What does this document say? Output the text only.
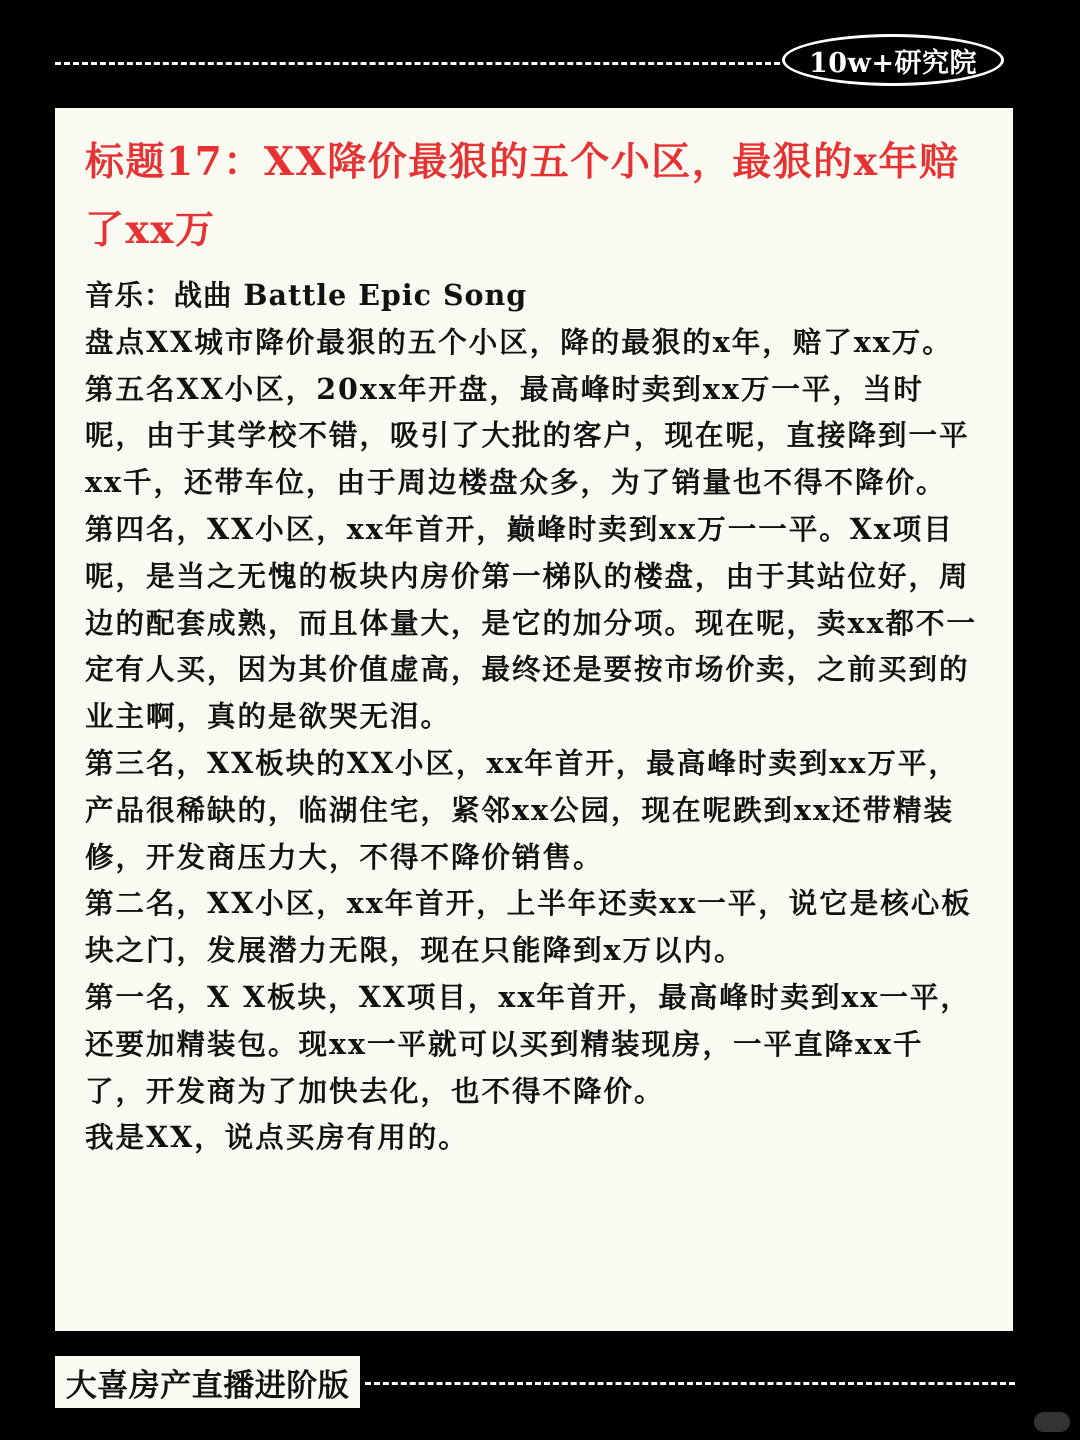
10w+研究院
标题17：XX降价最狠的五个小区，最狠的x年赔了xx万

音乐：战曲 Battle Epic Song

盘点XX城市降价最狠的五个小区，降的最狠的x年，赔了xx万。

第五名XX小区，20xx年开盘，最高峰时卖到xx万一平，当时呢，由于其学校不错，吸引了大批的客户，现在呢，直接降到一平xx千，还带车位，由于周边楼盘众多，为了销量也不得不降价。

第四名，XX小区，xx年首开，巅峰时卖到xx万一一平。Xx项目呢，是当之无愧的板块内房价第一梯队的楼盘，由于其站位好，周边的配套成熟，而且体量大，是它的加分项。现在呢，卖xx都不一定有人买，因为其价值虚高，最终还是要按市场价卖，之前买到的业主啊，真的是欲哭无泪。

第三名，XX板块的XX小区，xx年首开，最高峰时卖到xx万平，产品很稀缺的，临湖住宅，紧邻xx公园，现在呢跌到xx还带精装修，开发商压力大，不得不降价销售。

第二名，XX小区，xx年首开，上半年还卖xx一平，说它是核心板块之门，发展潜力无限，现在只能降到x万以内。

第一名，X X板块，XX项目，xx年首开，最高峰时卖到xx一平，还要加精装包。现xx一平就可以买到精装现房，一平直降xx千了，开发商为了加快去化，也不得不降价。

我是XX，说点买房有用的。

大喜房产直播进阶版
